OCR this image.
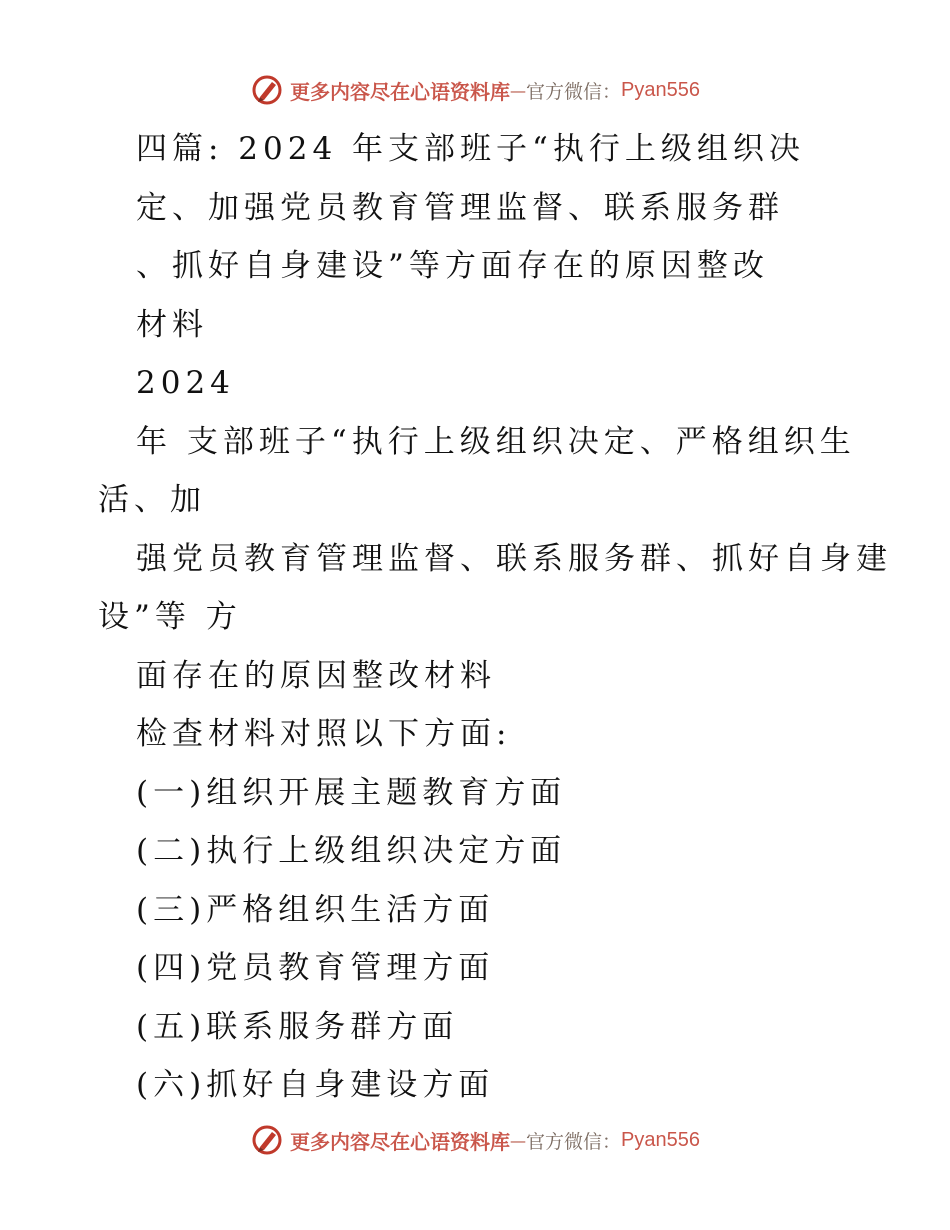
更多内容尽在心语资料库 — 官方微信： Pyan556
四篇: 2024 年支部班子“执行上级组织决
定、加强党员教育管理监督、联系服务群
、抓好自身建设”等方面存在的原因整改
材料
2024
年 支部班子“执行上级组织决定、严格组织生
活、加
强党员教育管理监督、联系服务群、抓好自身建
设”等 方
面存在的原因整改材料
检查材料对照以下方面:
(一)组织开展主题教育方面
(二)执行上级组织决定方面
(三)严格组织生活方面
(四)党员教育管理方面
(五)联系服务群方面
(六)抓好自身建设方面
更多内容尽在心语资料库 — 官方微信： Pyan556
